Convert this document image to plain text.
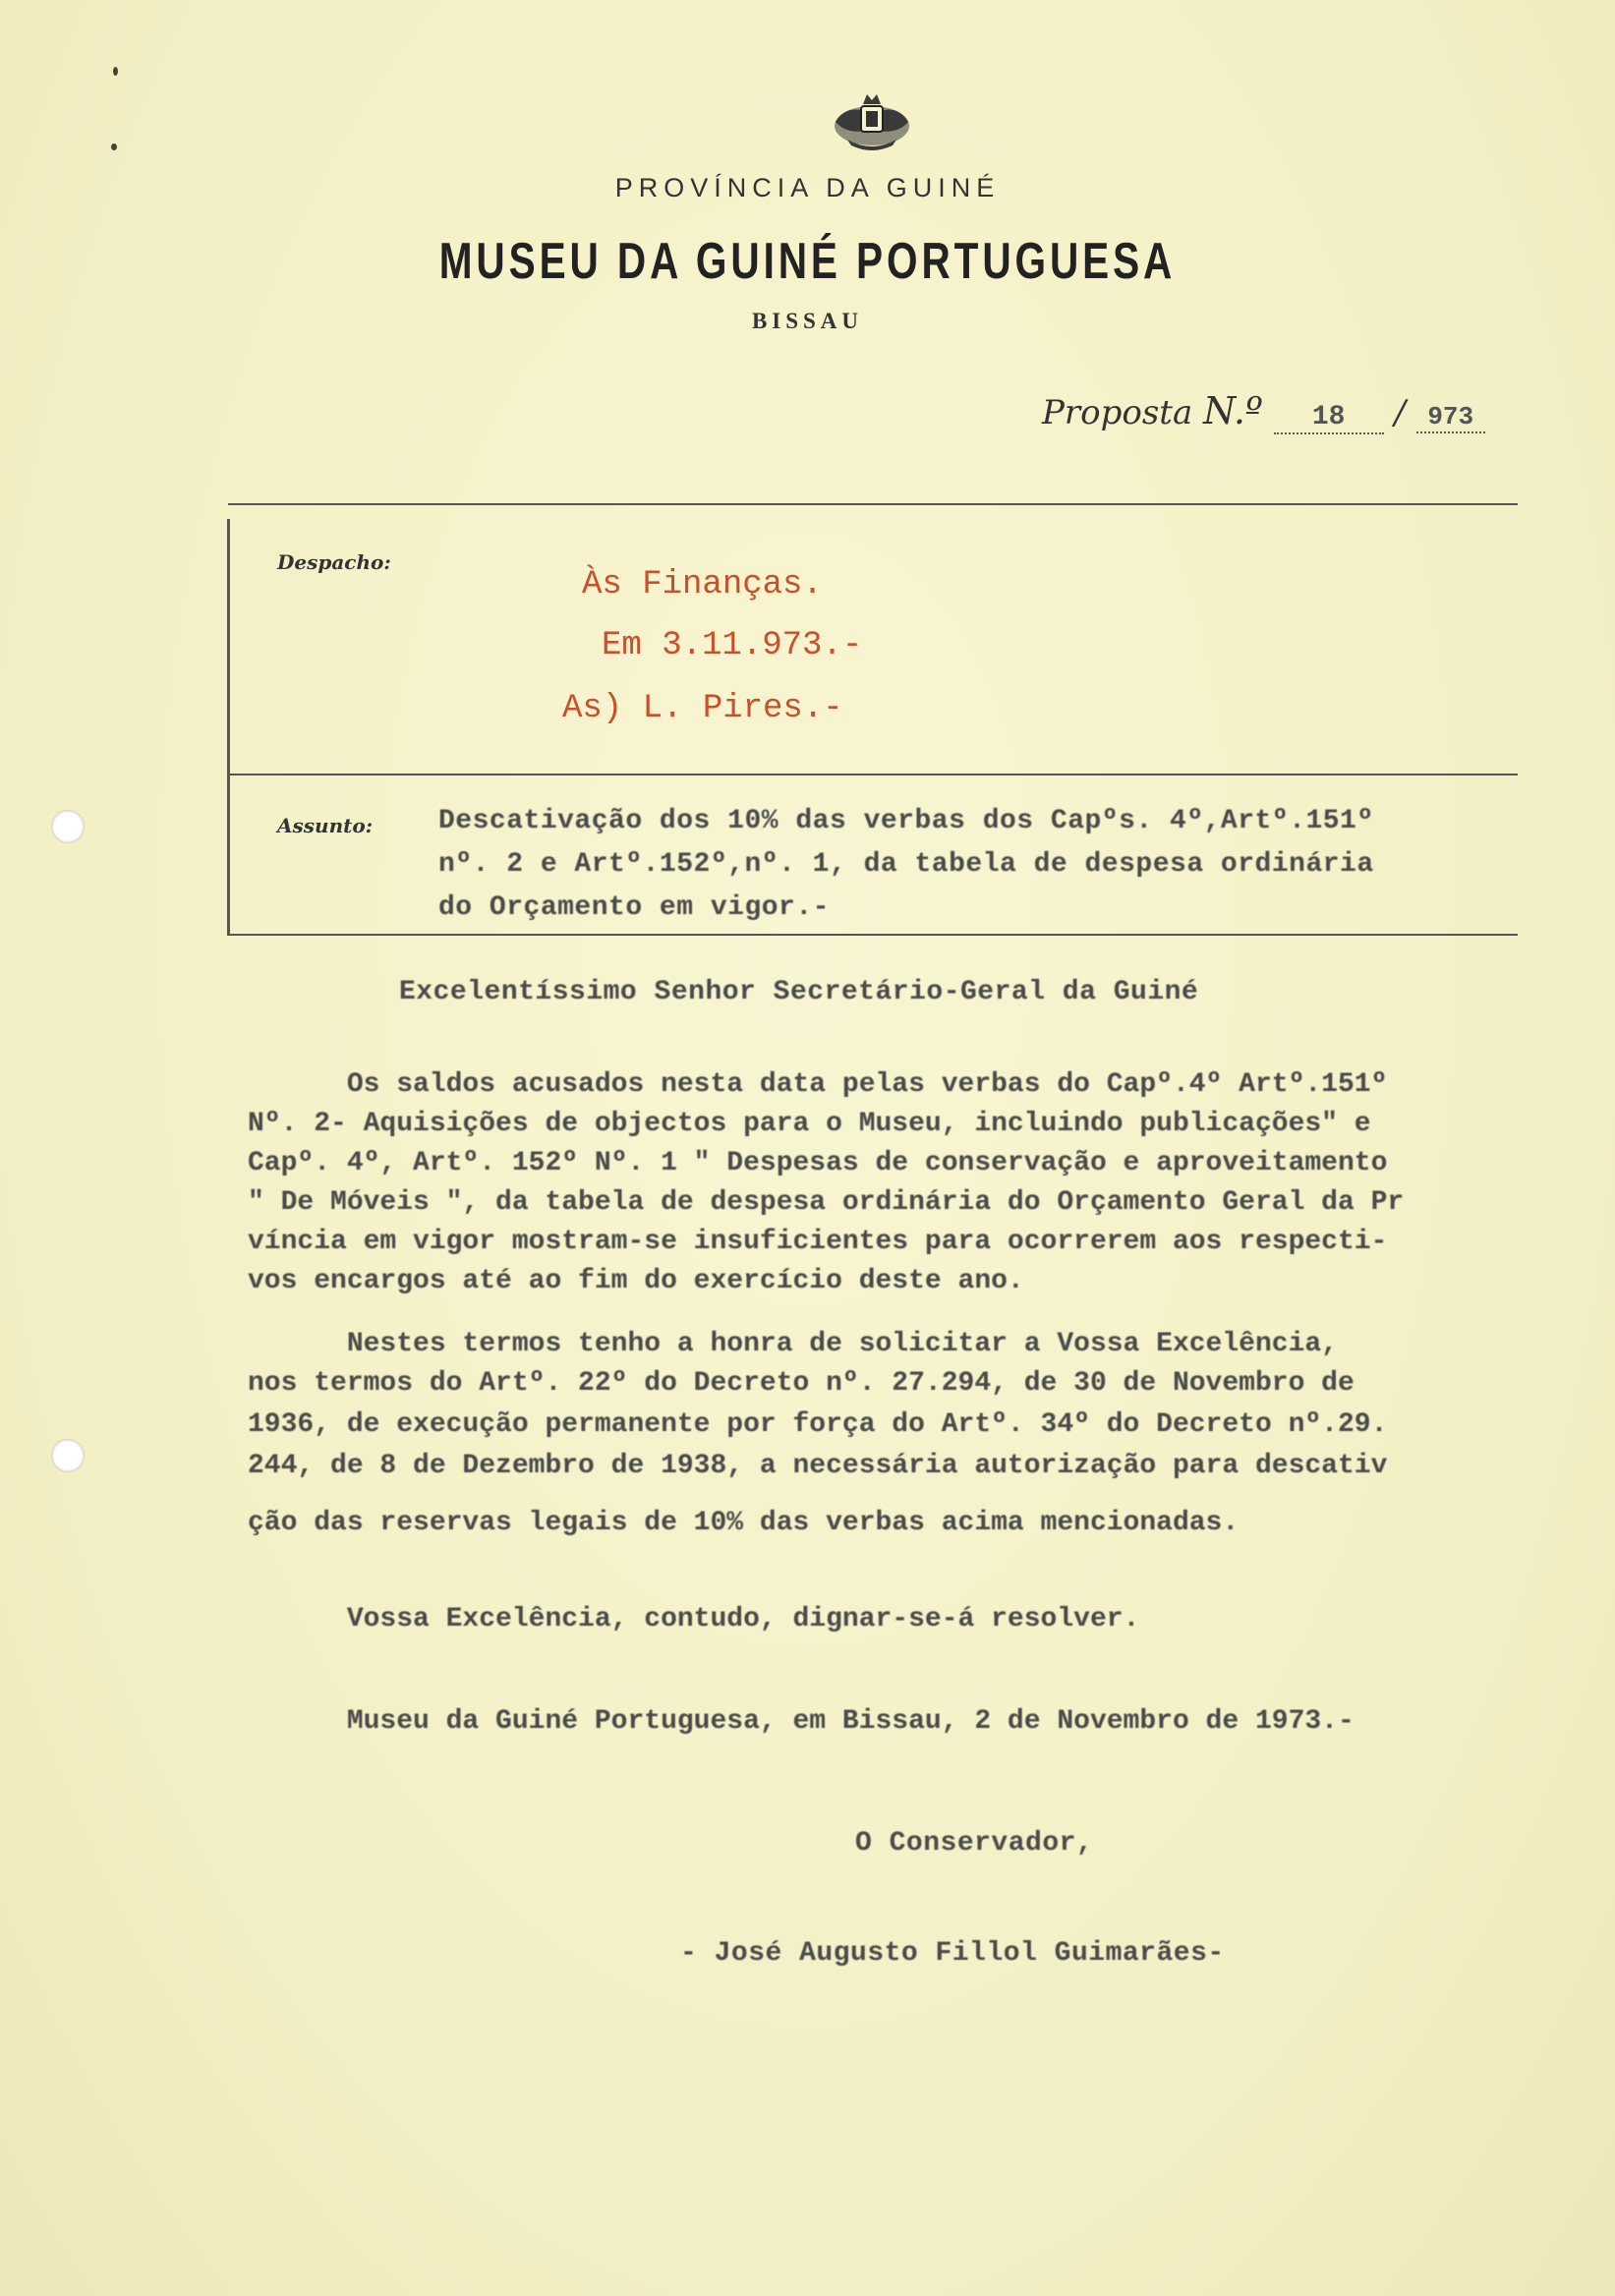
PROVÍNCIA DA GUINÉ
MUSEU DA GUINÉ PORTUGUESA
BISSAU
Proposta N.º 18 / 973
Despacho:
Às Finanças.
Em 3.11.973.-
As) L. Pires.-
Assunto: Descativação dos 10% das verbas dos Capºs. 4º,Artº.151º
nº. 2 e Artº.152º,nº. 1, da tabela de despesa ordinária
do Orçamento em vigor.-
Excelentíssimo Senhor Secretário-Geral da Guiné
Os saldos acusados nesta data pelas verbas do Capº.4º Artº.151º
Nº. 2- Aquisições de objectos para o Museu, incluindo publicações" e
Capº. 4º, Artº. 152º Nº. 1 " Despesas de conservação e aproveitamento
" De Móveis ", da tabela de despesa ordinária do Orçamento Geral da Pr
víncia em vigor mostram-se insuficientes para ocorrerem aos respecti-
vos encargos até ao fim do exercício deste ano.
Nestes termos tenho a honra de solicitar a Vossa Excelência,
nos termos do Artº. 22º do Decreto nº. 27.294, de 30 de Novembro de
1936, de execução permanente por força do Artº. 34º do Decreto nº.29.
244, de 8 de Dezembro de 1938, a necessária autorização para descativ
ção das reservas legais de 10% das verbas acima mencionadas.
Vossa Excelência, contudo, dignar-se-á resolver.
Museu da Guiné Portuguesa, em Bissau, 2 de Novembro de 1973.-
O Conservador,
- José Augusto Fillol Guimarães-
